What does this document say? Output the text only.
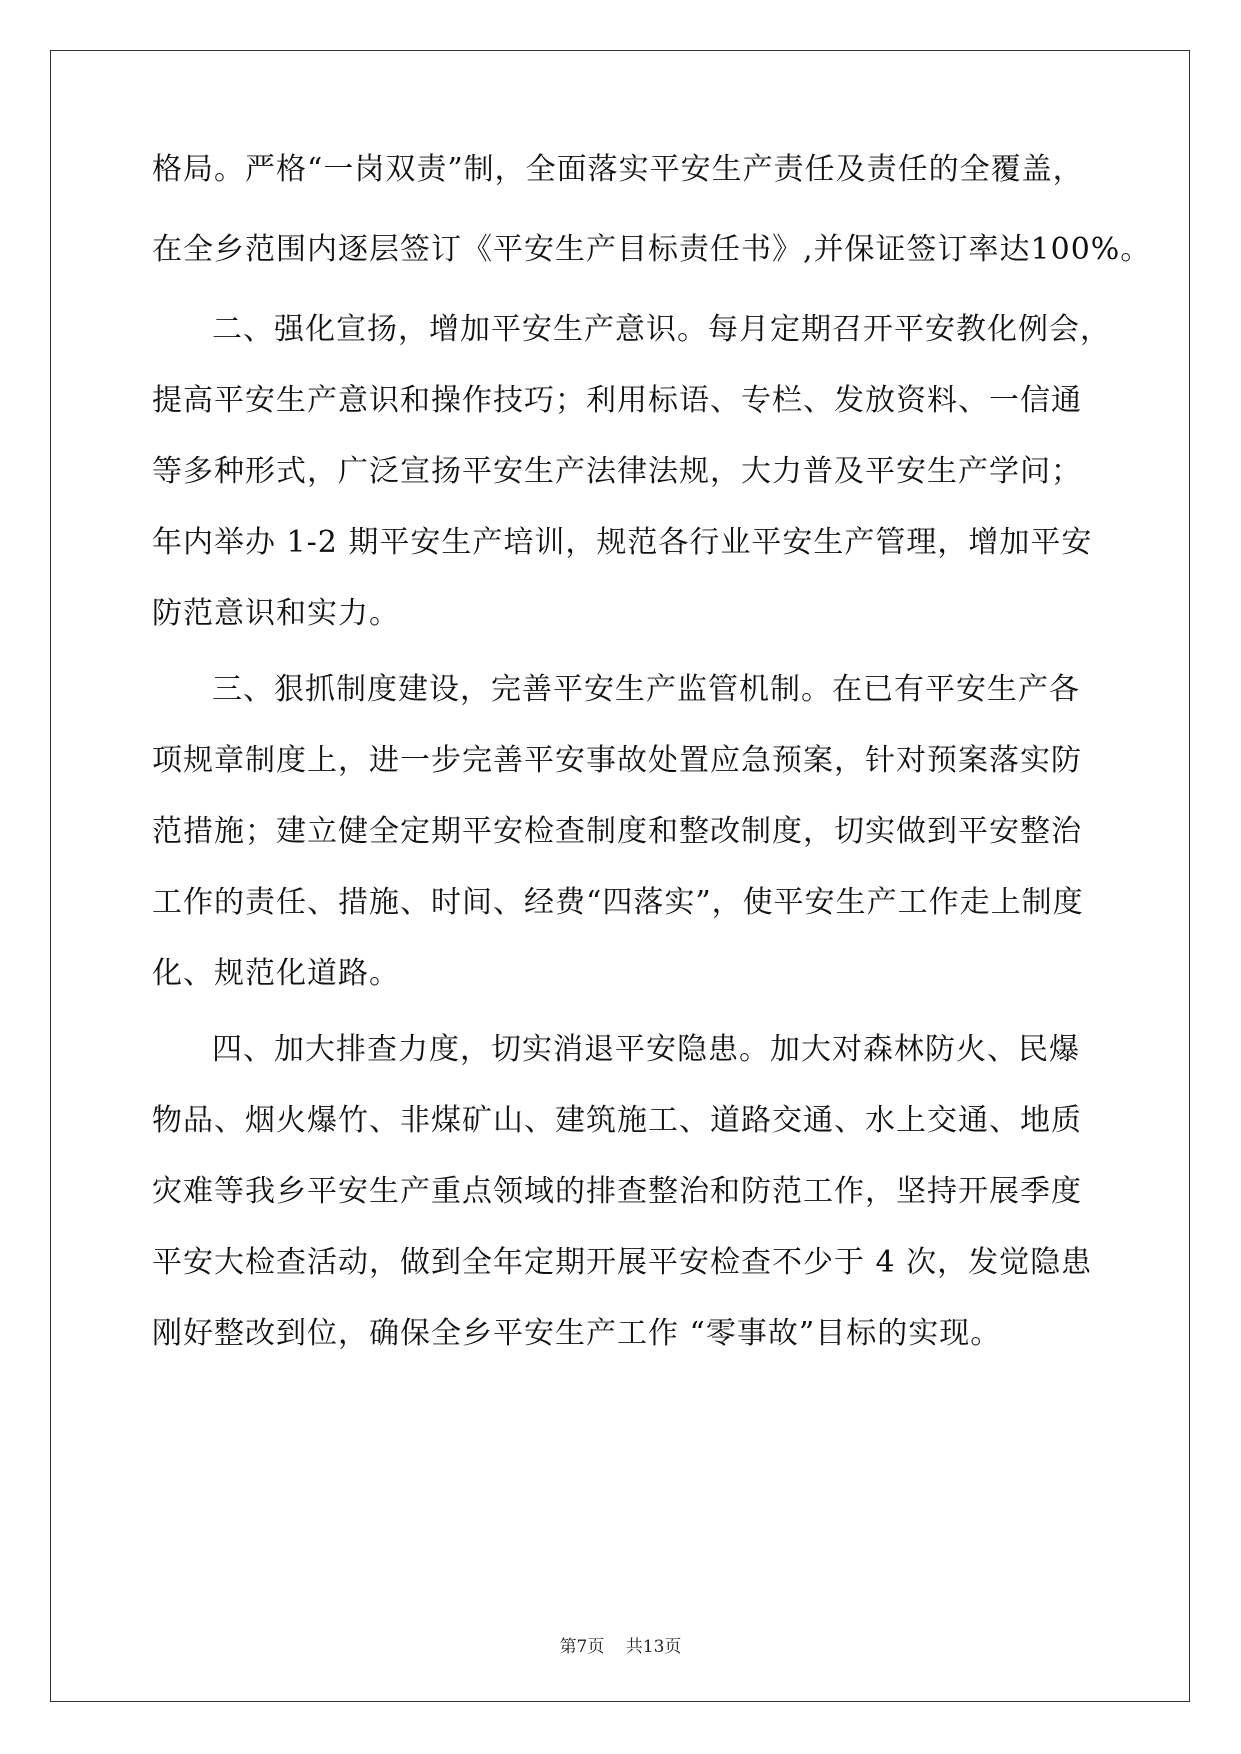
格局。严格“一岗双责”制，全面落实平安生产责任及责任的全覆盖，
在全乡范围内逐层签订《平安生产目标责任书》,并保证签订率达100%。
二、强化宣扬，增加平安生产意识。每月定期召开平安教化例会，
提高平安生产意识和操作技巧；利用标语、专栏、发放资料、一信通
等多种形式，广泛宣扬平安生产法律法规，大力普及平安生产学问；
年内举办 1-2 期平安生产培训，规范各行业平安生产管理，增加平安
防范意识和实力。
三、狠抓制度建设，完善平安生产监管机制。在已有平安生产各
项规章制度上，进一步完善平安事故处置应急预案，针对预案落实防
范措施；建立健全定期平安检查制度和整改制度，切实做到平安整治
工作的责任、措施、时间、经费“四落实”，使平安生产工作走上制度
化、规范化道路。
四、加大排查力度，切实消退平安隐患。加大对森林防火、民爆
物品、烟火爆竹、非煤矿山、建筑施工、道路交通、水上交通、地质
灾难等我乡平安生产重点领域的排查整治和防范工作，坚持开展季度
平安大检查活动，做到全年定期开展平安检查不少于 4 次，发觉隐患
刚好整改到位，确保全乡平安生产工作 “零事故”目标的实现。
第7页 共13页
